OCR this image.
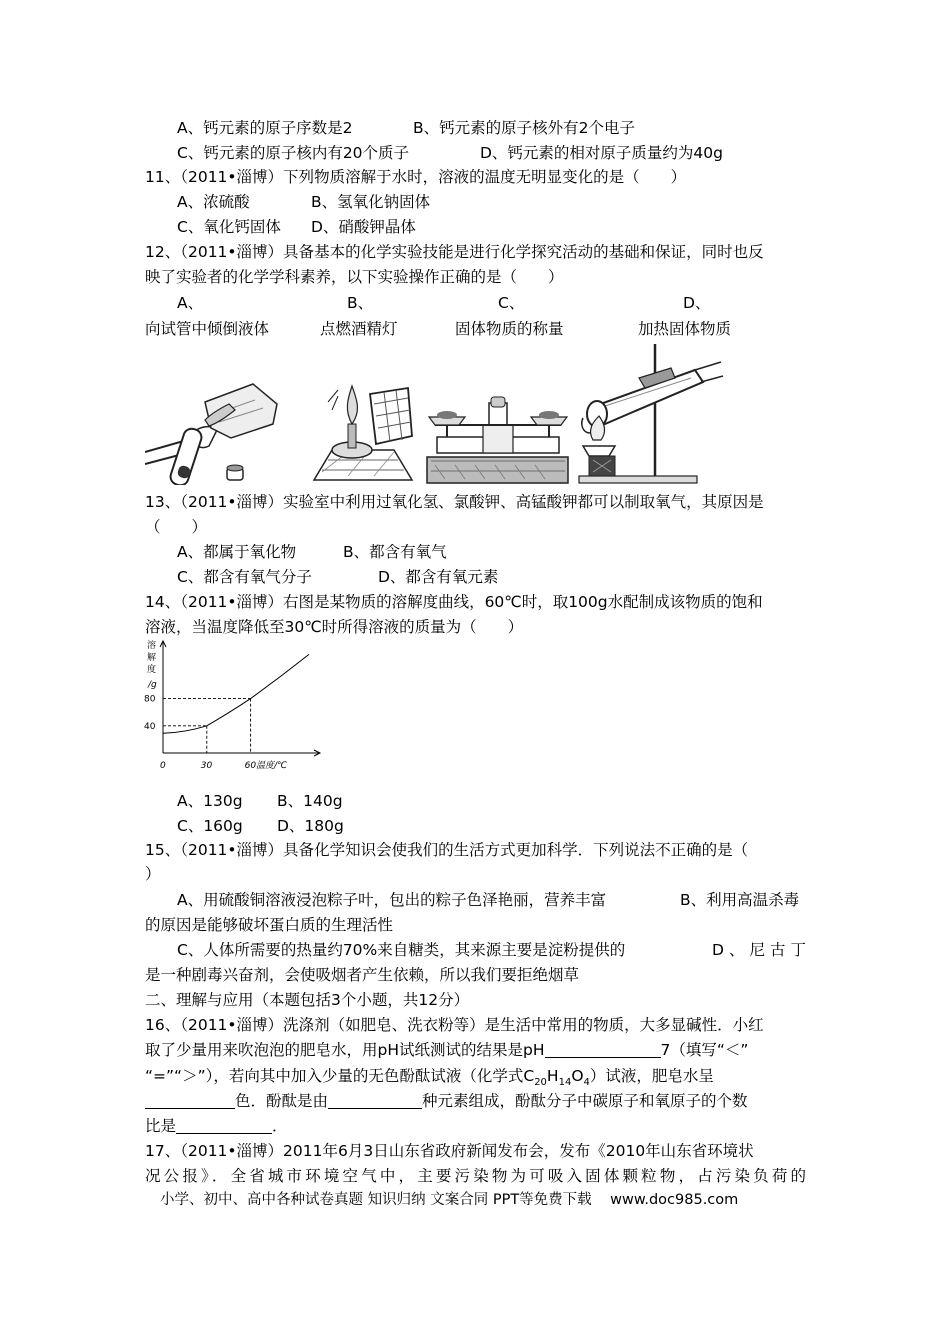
A、钙元素的原子序数是2	B、钙元素的原子核外有2个电子
C、钙元素的原子核内有20个质子	D、钙元素的相对原子质量约为40g
11、（2011•淄博）下列物质溶解于水时，溶液的温度无明显变化的是（　　）
A、浓硫酸	B、氢氧化钠固体
C、氧化钙固体 D、硝酸钾晶体
12、（2011•淄博）具备基本的化学实验技能是进行化学探究活动的基础和保证，同时也反
映了实验者的化学学科素养，以下实验操作正确的是（　　）
A、	B、	C、	D、
向试管中倾倒液体	点燃酒精灯	固体物质的称量	加热固体物质
13、（2011•淄博）实验室中利用过氧化氢、氯酸钾、高锰酸钾都可以制取氧气，其原因是
（　　）
A、都属于氧化物	B、都含有氧气
C、都含有氧气分子	D、都含有氧元素
14、（2011•淄博）右图是某物质的溶解度曲线，60℃时，取100g水配制成该物质的饱和
溶液，当温度降低至30℃时所得溶液的质量为（　　）
溶
解
度
/g
80
40
0	30	60 温度/℃
A、130g B、140g
C、160g D、180g
15、（2011•淄博）具备化学知识会使我们的生活方式更加科学．下列说法不正确的是（
）
A、用硫酸铜溶液浸泡粽子叶，包出的粽子色泽艳丽，营养丰富	B、利用高温杀毒
的原因是能够破坏蛋白质的生理活性
C、人体所需要的热量约70%来自糖类，其来源主要是淀粉提供的	D、尼古丁
是一种剧毒兴奋剂，会使吸烟者产生依赖，所以我们要拒绝烟草
二、理解与应用（本题包括3个小题，共12分）
16、（2011•淄博）洗涤剂（如肥皂、洗衣粉等）是生活中常用的物质，大多显碱性．小红
取了少量用来吹泡泡的肥皂水，用pH试纸测试的结果是pH	7（填写“＜”
“=”“＞”），若向其中加入少量的无色酚酞试液（化学式$C_{20}H_{14}O_4$）试液，肥皂水呈
色．酚酞是由	种元素组成，酚酞分子中碳原子和氧原子的个数
比是	．
17、（2011•淄博）2011年6月3日山东省政府新闻发布会，发布《2010年山东省环境状
况公报》．全省城市环境空气中，主要污染物为可吸入固体颗粒物，占污染负荷的
小学、初中、高中各种试卷真题 知识归纳 文案合同 PPT等免费下载 www.doc985.com
